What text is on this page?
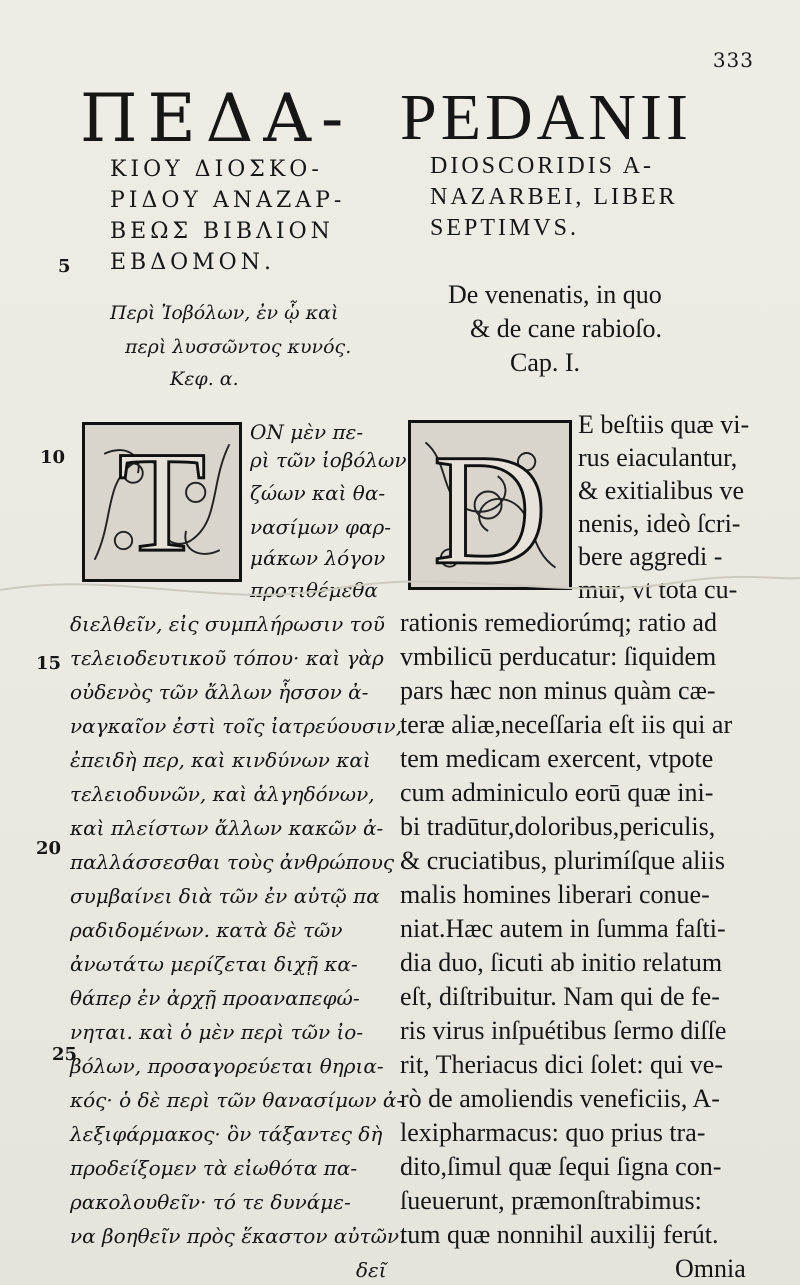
333
ΠΕΔΑ- PEDANII
ΚΙΟΥ ΔΙΟΣΚΟ-
ΡΙΔΟΥ ΑΝΑΖΑΡ-
ΒΕΩΣ ΒΙΒΛΙΟΝ
ΕΒΔΟΜΟΝ.
DIOSCORIDIS A-
NAZARBEI, LIBER
SEPTIMVS.
Περὶ Ἰοβόλων, ἐν ᾧ καὶ
περὶ λυσσῶντος κυνός.
Κεφ. α.
De venenatis, in quo
& de cane rabioſo.
Cap. I.
T D
5
10
15
20
25
ΟΝ μὲν πε-
ρὶ τῶν ἰοβόλων
ζώων καὶ θα-
νασίμων φαρ-
μάκων λόγον
προτιθέμεθα
διελθεῖν, εἰς συμπλήρωσιν τοῦ
τελειοδευτικοῦ τόπου· καὶ γὰρ
οὐδενὸς τῶν ἄλλων ἧσσον ἀ-
ναγκαῖον ἐστὶ τοῖς ἰατρεύουσιν,
ἐπειδὴ περ, καὶ κινδύνων καὶ
τελειοδυνῶν, καὶ ἀλγηδόνων,
καὶ πλείστων ἄλλων κακῶν ἀ-
παλλάσσεσθαι τοὺς ἀνθρώπους
συμβαίνει διὰ τῶν ἐν αὐτῷ πα
ραδιδομένων. κατὰ δὲ τῶν
ἀνωτάτω μερίζεται διχῇ κα-
θάπερ ἐν ἀρχῇ προαναπεφώ-
νηται. καὶ ὁ μὲν περὶ τῶν ἰο-
βόλων, προσαγορεύεται θηρια-
κός· ὁ δὲ περὶ τῶν θανασίμων ἀ-
λεξιφάρμακος· ὃν τάξαντες δὴ
προδείξομεν τὰ εἰωθότα πα-
ρακολουθεῖν· τό τε δυνάμε-
να βοηθεῖν πρὸς ἕκαστον αὐτῶν.
δεῖ
E beſtiis quæ vi-
rus eiaculantur,
& exitialibus ve
nenis, ideò ſcri-
bere aggredi -
mur, vt tota cu-
rationis remediorúmq; ratio ad
vmbilicū perducatur: ſiquidem
pars hæc non minus quàm cæ-
teræ aliæ,neceſſaria eſt iis qui ar
tem medicam exercent, vtpote
cum adminiculo eorū quæ ini-
bi tradūtur,doloribus,periculis,
& cruciatibus, plurimíſque aliis
malis homines liberari conue-
niat.Hæc autem in ſumma faſti-
dia duo, ſicuti ab initio relatum
eſt, diſtribuitur. Nam qui de fe-
ris virus inſpuétibus ſermo diſſe
rit, Theriacus dici ſolet: qui ve-
rò de amoliendis veneficiis, A-
lexipharmacus: quo prius tra-
dito,ſimul quæ ſequi ſigna con-
ſueuerunt, præmonſtrabimus:
tum quæ nonnihil auxilij ferút.
Omnia
